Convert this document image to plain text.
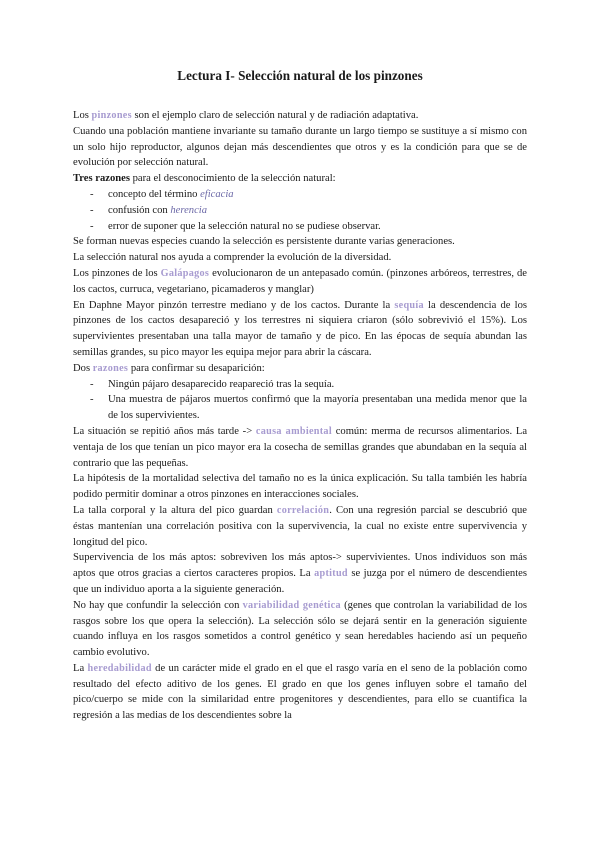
Lectura I- Selección natural de los pinzones

Los pinzones son el ejemplo claro de selección natural y de radiación adaptativa.

Cuando una población mantiene invariante su tamaño durante un largo tiempo se sustituye a sí mismo con un solo hijo reproductor, algunos dejan más descendientes que otros y es la condición para que se de evolución por selección natural.

Tres razones para el desconocimiento de la selección natural:

- concepto del término eficacia
- confusión con herencia
- error de suponer que la selección natural no se pudiese observar.

Se forman nuevas especies cuando la selección es persistente durante varias generaciones.

La selección natural nos ayuda a comprender la evolución de la diversidad.

Los pinzones de los Galápagos evolucionaron de un antepasado común. (pinzones arbóreos, terrestres, de los cactos, curruca, vegetariano, picamaderos y manglar)

En Daphne Mayor pinzón terrestre mediano y de los cactos. Durante la sequía la descendencia de los pinzones de los cactos desapareció y los terrestres ni siquiera criaron (sólo sobrevivió el 15%). Los supervivientes presentaban una talla mayor de tamaño y de pico. En las épocas de sequía abundan las semillas grandes, su pico mayor les equipa mejor para abrir la cáscara.

Dos razones para confirmar su desaparición:

- Ningún pájaro desaparecido reapareció tras la sequía.
- Una muestra de pájaros muertos confirmó que la mayoría presentaban una medida menor que la de los supervivientes.

La situación se repitió años más tarde -> causa ambiental común: merma de recursos alimentarios. La ventaja de los que tenían un pico mayor era la cosecha de semillas grandes que abundaban en la sequía al contrario que las pequeñas.

La hipótesis de la mortalidad selectiva del tamaño no es la única explicación. Su talla también les habría podido permitir dominar a otros pinzones en interacciones sociales.

La talla corporal y la altura del pico guardan correlación. Con una regresión parcial se descubrió que éstas mantenían una correlación positiva con la supervivencia, la cual no existe entre supervivencia y longitud del pico.

Supervivencia de los más aptos: sobreviven los más aptos-> supervivientes. Unos individuos son más aptos que otros gracias a ciertos caracteres propios. La aptitud se juzga por el número de descendientes que un individuo aporta a la siguiente generación.

No hay que confundir la selección con variabilidad genética (genes que controlan la variabilidad de los rasgos sobre los que opera la selección). La selección sólo se dejará sentir en la generación siguiente cuando influya en los rasgos sometidos a control genético y sean heredables haciendo así un pequeño cambio evolutivo.

La heredabilidad de un carácter mide el grado en el que el rasgo varía en el seno de la población como resultado del efecto aditivo de los genes. El grado en que los genes influyen sobre el tamaño del pico/cuerpo se mide con la similaridad entre progenitores y descendientes, para ello se cuantifica la regresión a las medias de los descendientes sobre la
